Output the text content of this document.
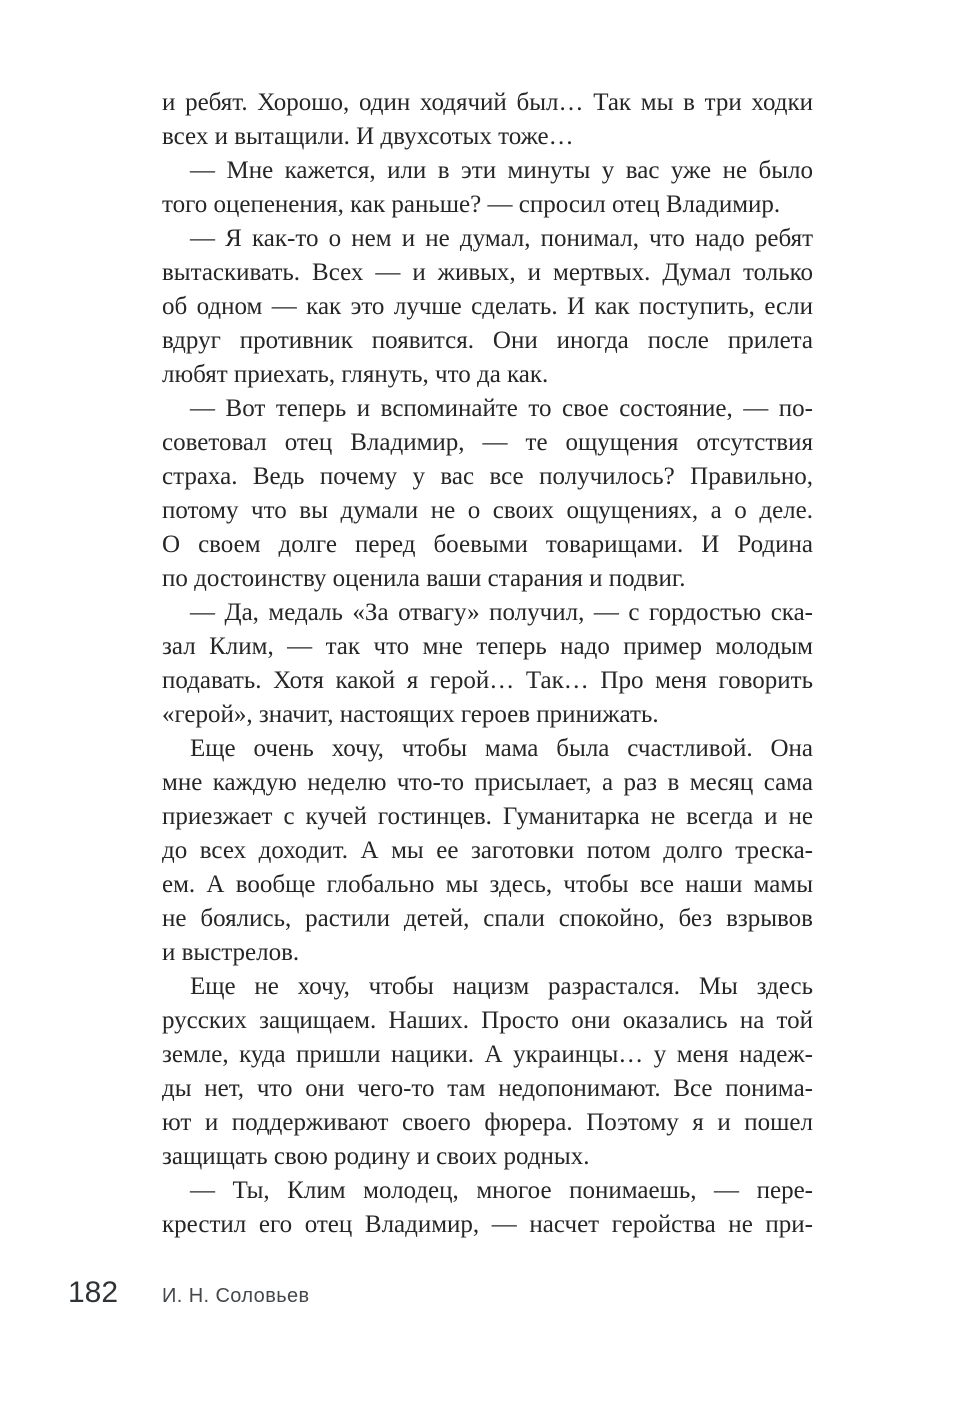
и ребят. Хорошо, один ходячий был… Так мы в три ходки
всех и вытащили. И двухсотых тоже…
— Мне кажется, или в эти минуты у вас уже не было
того оцепенения, как раньше? — спросил отец Владимир.
— Я как-то о нем и не думал, понимал, что надо ребят
вытаскивать. Всех — и живых, и мертвых. Думал только
об одном — как это лучше сделать. И как поступить, если
вдруг противник появится. Они иногда после прилета
любят приехать, глянуть, что да как.
— Вот теперь и вспоминайте то свое состояние, — по-
советовал отец Владимир, — те ощущения отсутствия
страха. Ведь почему у вас все получилось? Правильно,
потому что вы думали не о своих ощущениях, а о деле.
О своем долге перед боевыми товарищами. И Родина
по достоинству оценила ваши старания и подвиг.
— Да, медаль «За отвагу» получил, — с гордостью ска-
зал Клим, — так что мне теперь надо пример молодым
подавать. Хотя какой я герой… Так… Про меня говорить
«герой», значит, настоящих героев принижать.
Еще очень хочу, чтобы мама была счастливой. Она
мне каждую неделю что-то присылает, а раз в месяц сама
приезжает с кучей гостинцев. Гуманитарка не всегда и не
до всех доходит. А мы ее заготовки потом долго треска-
ем. А вообще глобально мы здесь, чтобы все наши мамы
не боялись, растили детей, спали спокойно, без взрывов
и выстрелов.
Еще не хочу, чтобы нацизм разрастался. Мы здесь
русских защищаем. Наших. Просто они оказались на той
земле, куда пришли нацики. А украинцы… у меня надеж-
ды нет, что они чего-то там недопонимают. Все понима-
ют и поддерживают своего фюрера. Поэтому я и пошел
защищать свою родину и своих родных.
— Ты, Клим молодец, многое понимаешь, — пере-
крестил его отец Владимир, — насчет геройства не при-
182 И. Н. Соловьев
